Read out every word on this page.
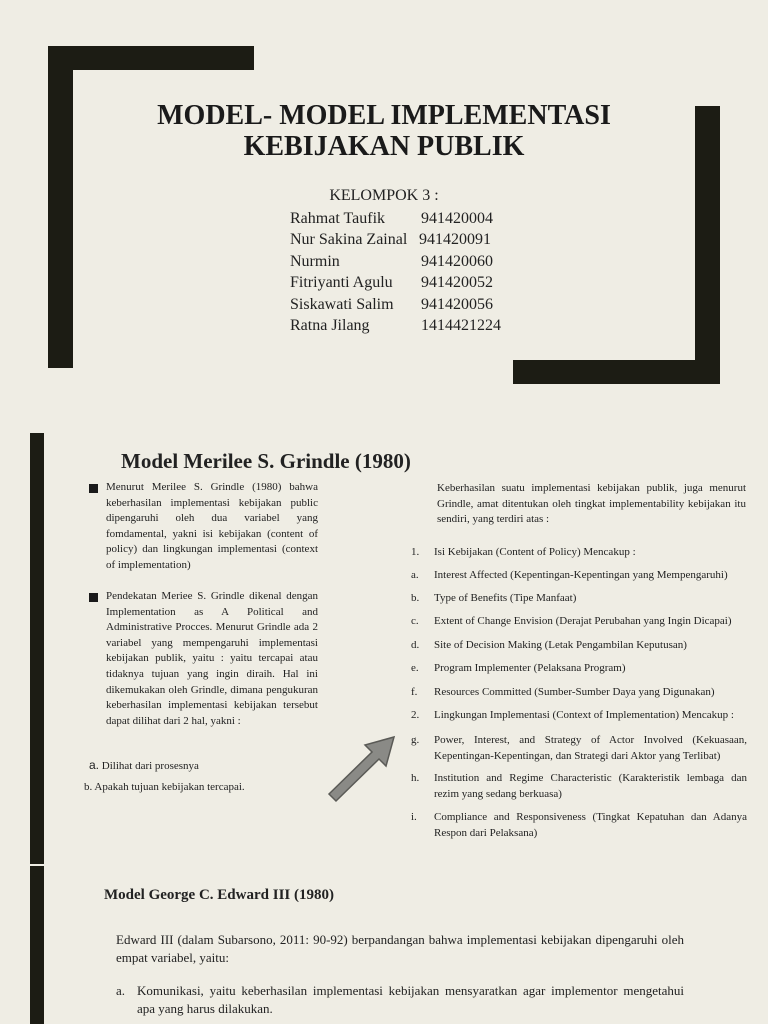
MODEL- MODEL IMPLEMENTASI
KEBIJAKAN PUBLIK
KELOMPOK 3 :
Rahmat Taufik 941420004
Nur Sakina Zainal 941420091
Nurmin	941420060
Fitriyanti Agulu 941420052
Siskawati Salim 941420056
Ratna Jilang	1414421224
Model Merilee S. Grindle (1980)
Menurut Merilee S. Grindle (1980) bahwa keberhasilan implementasi kebijakan public dipengaruhi oleh dua variabel yang fomdamental, yakni isi kebijakan (content of policy) dan lingkungan implementasi (context of implementation)
Pendekatan Meriee S. Grindle dikenal dengan Implementation as A Political and Administrative Procces. Menurut Grindle ada 2 variabel yang mempengaruhi implementasi kebijakan publik, yaitu : yaitu tercapai atau tidaknya tujuan yang ingin diraih. Hal ini dikemukakan oleh Grindle, dimana pengukuran keberhasilan implementasi kebijakan tersebut dapat dilihat dari 2 hal, yakni :
a. Dilihat dari prosesnya
b. Apakah tujuan kebijakan tercapai.
Keberhasilan suatu implementasi kebijakan publik, juga menurut Grindle, amat ditentukan oleh tingkat implementability kebijakan itu sendiri, yang terdiri atas :
1. Isi Kebijakan (Content of Policy) Mencakup :
a. Interest Affected (Kepentingan-Kepentingan yang Mempengaruhi)
b. Type of Benefits (Tipe Manfaat)
c. Extent of Change Envision (Derajat Perubahan yang Ingin Dicapai)
d. Site of Decision Making (Letak Pengambilan Keputusan)
e. Program Implementer (Pelaksana Program)
f. Resources Committed (Sumber-Sumber Daya yang Digunakan)
2. Lingkungan Implementasi (Context of Implementation) Mencakup :
g. Power, Interest, and Strategy of Actor Involved (Kekuasaan, Kepentingan-Kepentingan, dan Strategi dari Aktor yang Terlibat)
h. Institution and Regime Characteristic (Karakteristik lembaga dan rezim yang sedang berkuasa)
i. Compliance and Responsiveness (Tingkat Kepatuhan dan Adanya Respon dari Pelaksana)
Model George C. Edward III (1980)
Edward III (dalam Subarsono, 2011: 90-92) berpandangan bahwa implementasi kebijakan dipengaruhi oleh empat variabel, yaitu:
a. Komunikasi, yaitu keberhasilan implementasi kebijakan mensyaratkan agar implementor mengetahui apa yang harus dilakukan.
